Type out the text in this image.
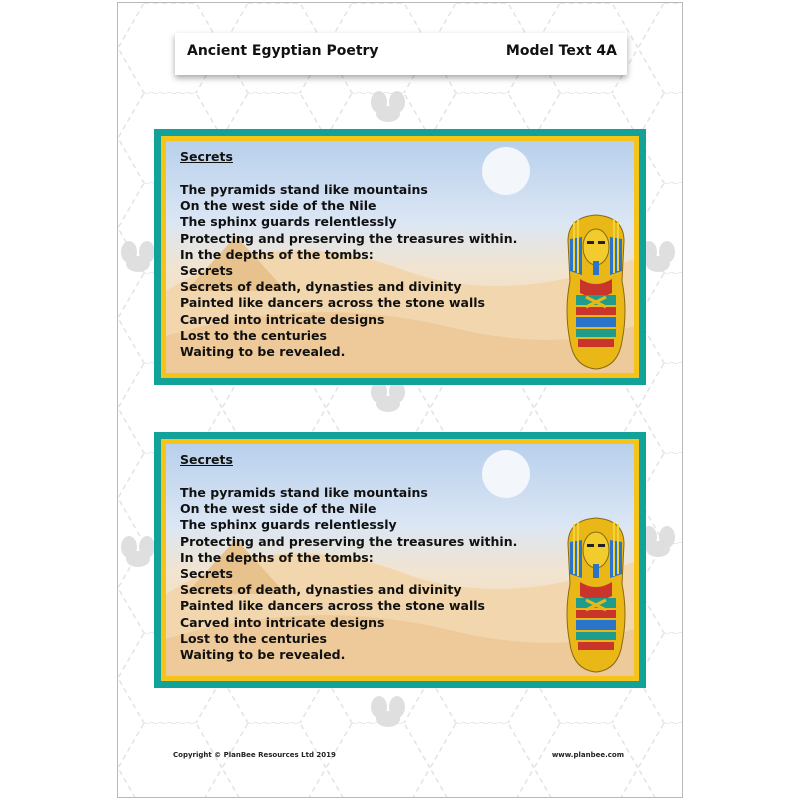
Ancient Egyptian Poetry	Model Text 4A
Secrets
The pyramids stand like mountains
On the west side of the Nile
The sphinx guards relentlessly
Protecting and preserving the treasures within.
In the depths of the tombs:
Secrets
Secrets of death, dynasties and divinity
Painted like dancers across the stone walls
Carved into intricate designs
Lost to the centuries
Waiting to be revealed.
Secrets
The pyramids stand like mountains
On the west side of the Nile
The sphinx guards relentlessly
Protecting and preserving the treasures within.
In the depths of the tombs:
Secrets
Secrets of death, dynasties and divinity
Painted like dancers across the stone walls
Carved into intricate designs
Lost to the centuries
Waiting to be revealed.
Copyright © PlanBee Resources Ltd 2019	www.planbee.com
